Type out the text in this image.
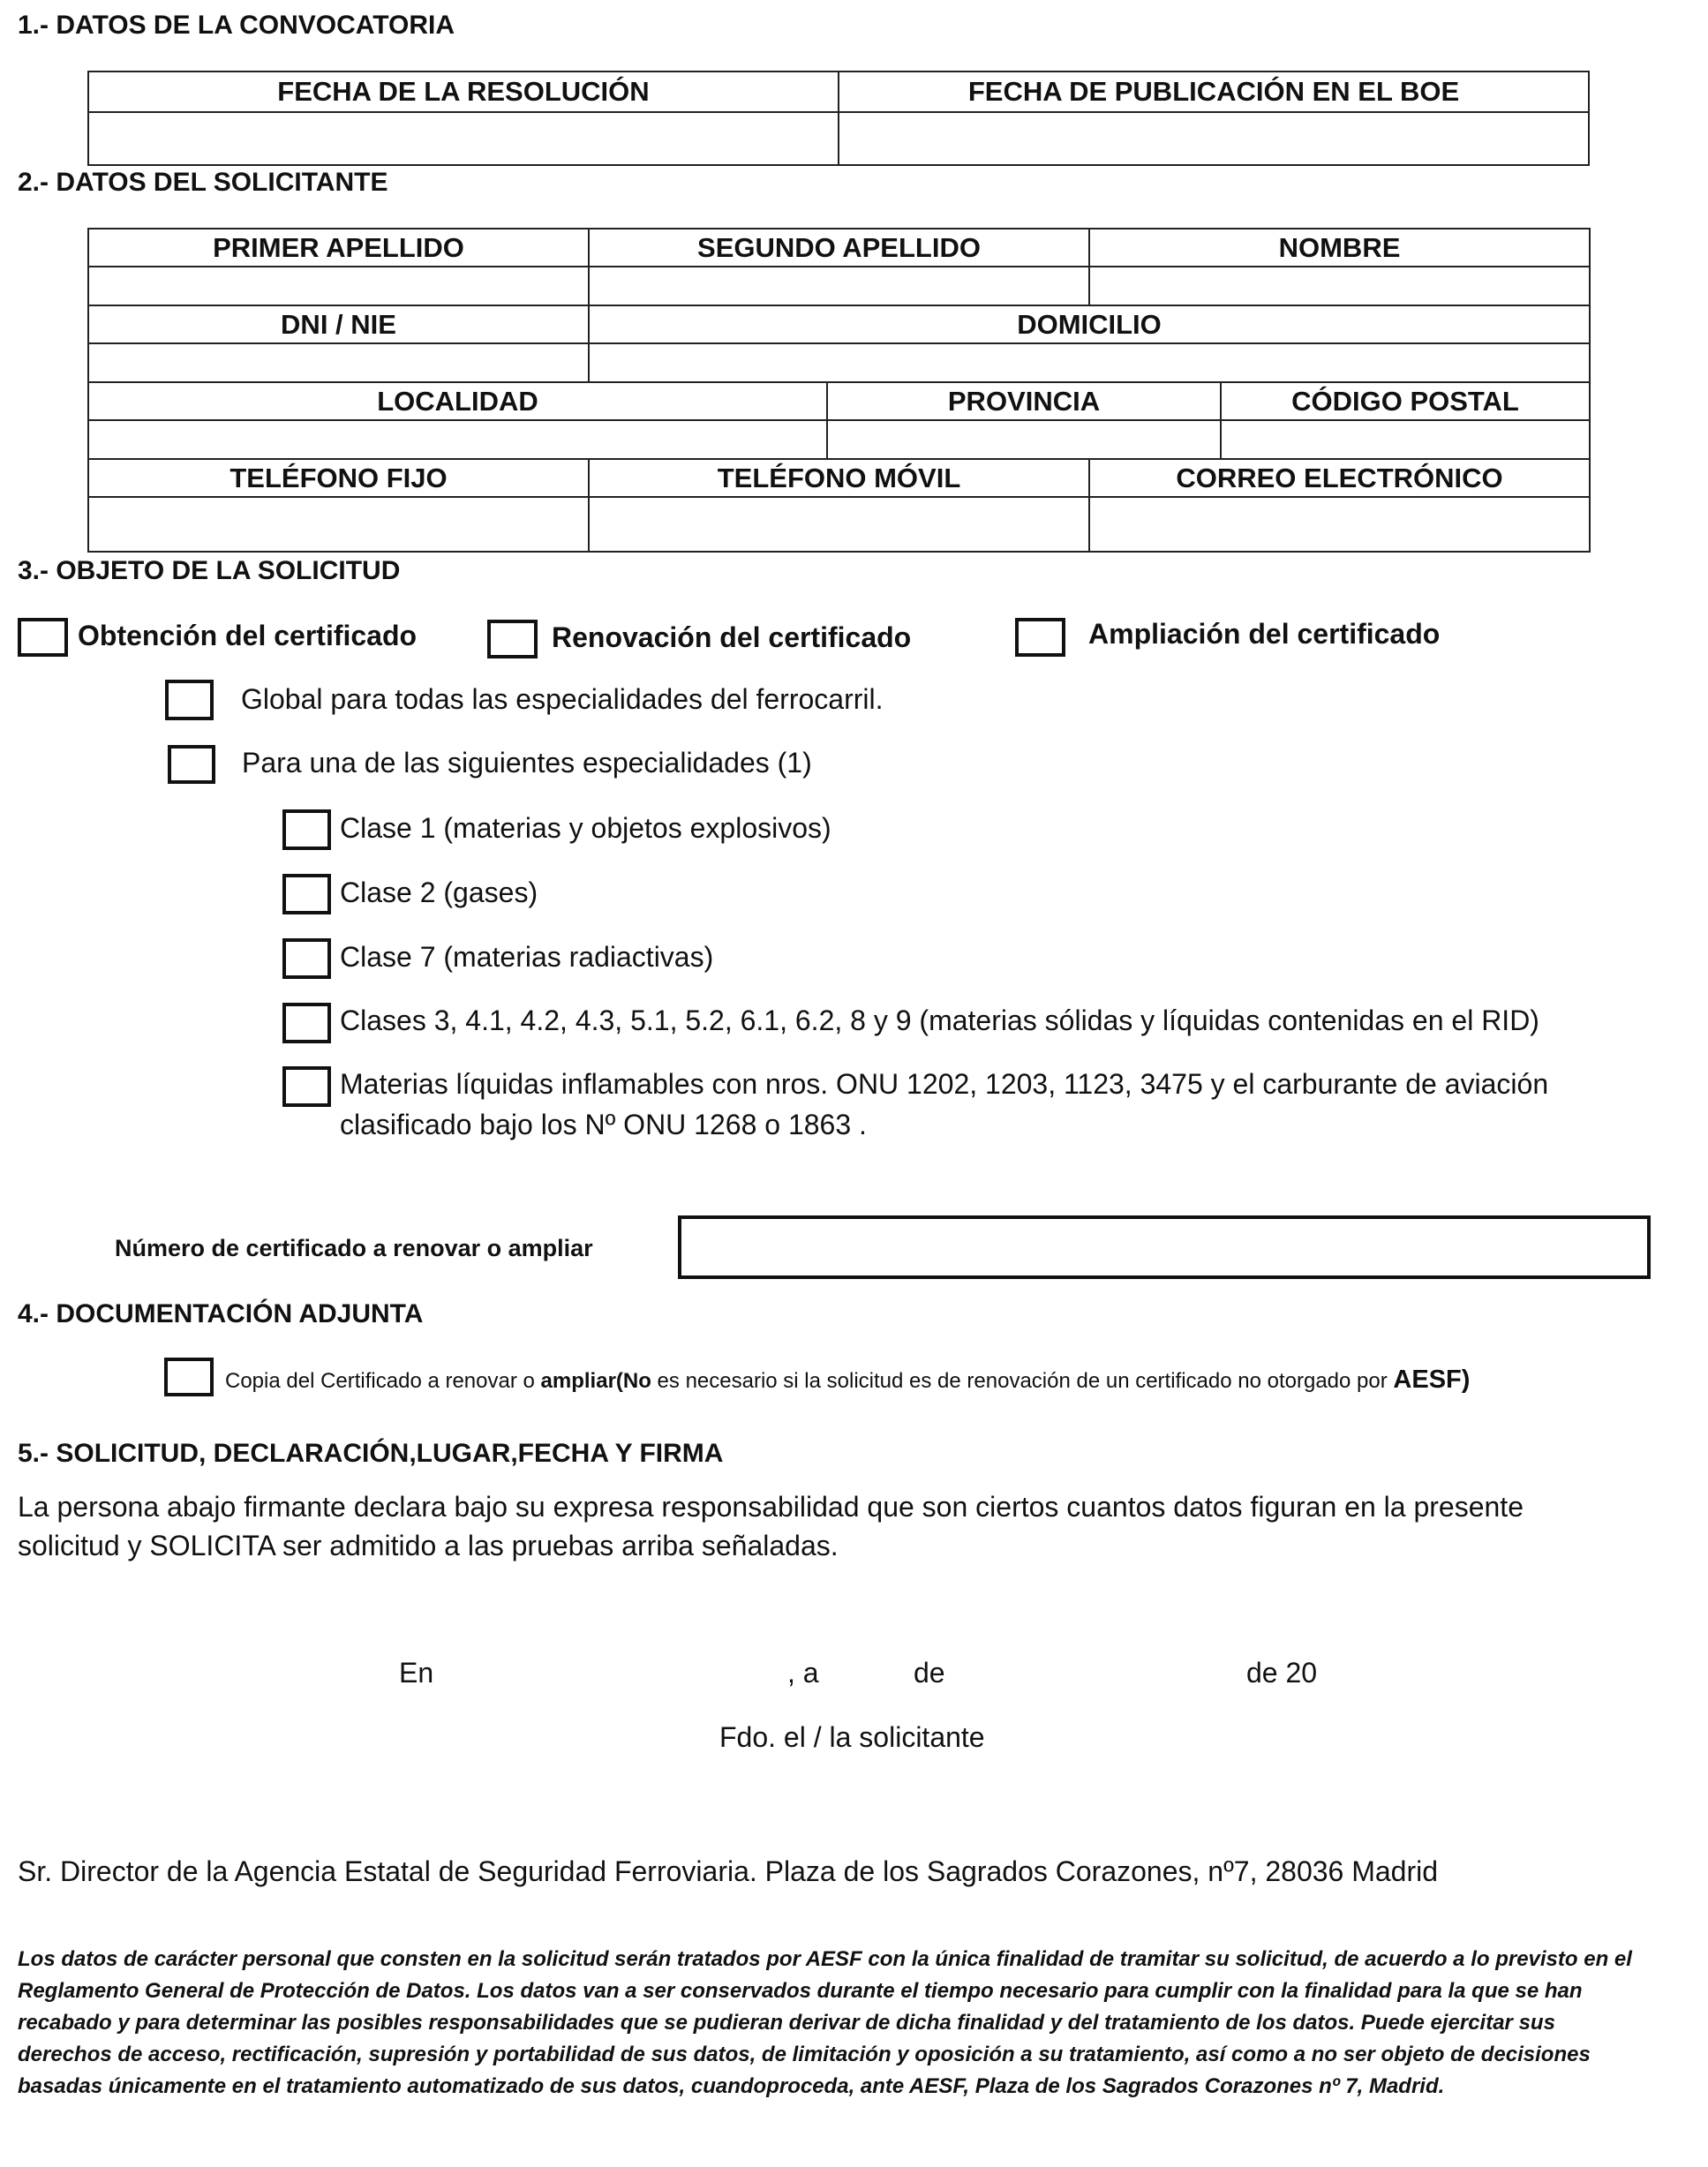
1.- DATOS DE LA CONVOCATORIA
FECHA DE LA RESOLUCIÓN	FECHA DE PUBLICACIÓN EN EL BOE

2.- DATOS DEL SOLICITANTE
PRIMER APELLIDO	SEGUNDO APELLIDO	NOMBRE

DNI / NIE	DOMICILIO

LOCALIDAD	PROVINCIA	CÓDIGO POSTAL

TELÉFONO FIJO	TELÉFONO MÓVIL	CORREO ELECTRÓNICO

3.- OBJETO DE LA SOLICITUD
Obtención del certificado	Renovación del certificado	Ampliación del certificado
Global para todas las especialidades del ferrocarril.
Para una de las siguientes especialidades (1)
Clase 1 (materias y objetos explosivos)
Clase 2 (gases)
Clase 7 (materias radiactivas)
Clases 3, 4.1, 4.2, 4.3, 5.1, 5.2, 6.1, 6.2, 8 y 9 (materias sólidas y líquidas contenidas en el RID)
Materias líquidas inflamables con nros. ONU 1202, 1203, 1123, 3475 y el carburante de aviación
clasificado bajo los Nº ONU 1268 o 1863 .
Número de certificado a renovar o ampliar
4.- DOCUMENTACIÓN ADJUNTA
Copia del Certificado a renovar o ampliar(No es necesario si la solicitud es de renovación de un certificado no otorgado por AESF)
5.- SOLICITUD, DECLARACIÓN,LUGAR,FECHA Y FIRMA
La persona abajo firmante declara bajo su expresa responsabilidad que son ciertos cuantos datos figuran en la presente
solicitud y SOLICITA ser admitido a las pruebas arriba señaladas.
En	, a	de	de 20
Fdo. el / la solicitante
Sr. Director de la Agencia Estatal de Seguridad Ferroviaria. Plaza de los Sagrados Corazones, nº7, 28036 Madrid
Los datos de carácter personal que consten en la solicitud serán tratados por AESF con la única finalidad de tramitar su solicitud, de acuerdo a lo previsto en el
Reglamento General de Protección de Datos. Los datos van a ser conservados durante el tiempo necesario para cumplir con la finalidad para la que se han
recabado y para determinar las posibles responsabilidades que se pudieran derivar de dicha finalidad y del tratamiento de los datos. Puede ejercitar sus
derechos de acceso, rectificación, supresión y portabilidad de sus datos, de limitación y oposición a su tratamiento, así como a no ser objeto de decisiones
basadas únicamente en el tratamiento automatizado de sus datos, cuandoproceda, ante AESF, Plaza de los Sagrados Corazones nº 7, Madrid.
